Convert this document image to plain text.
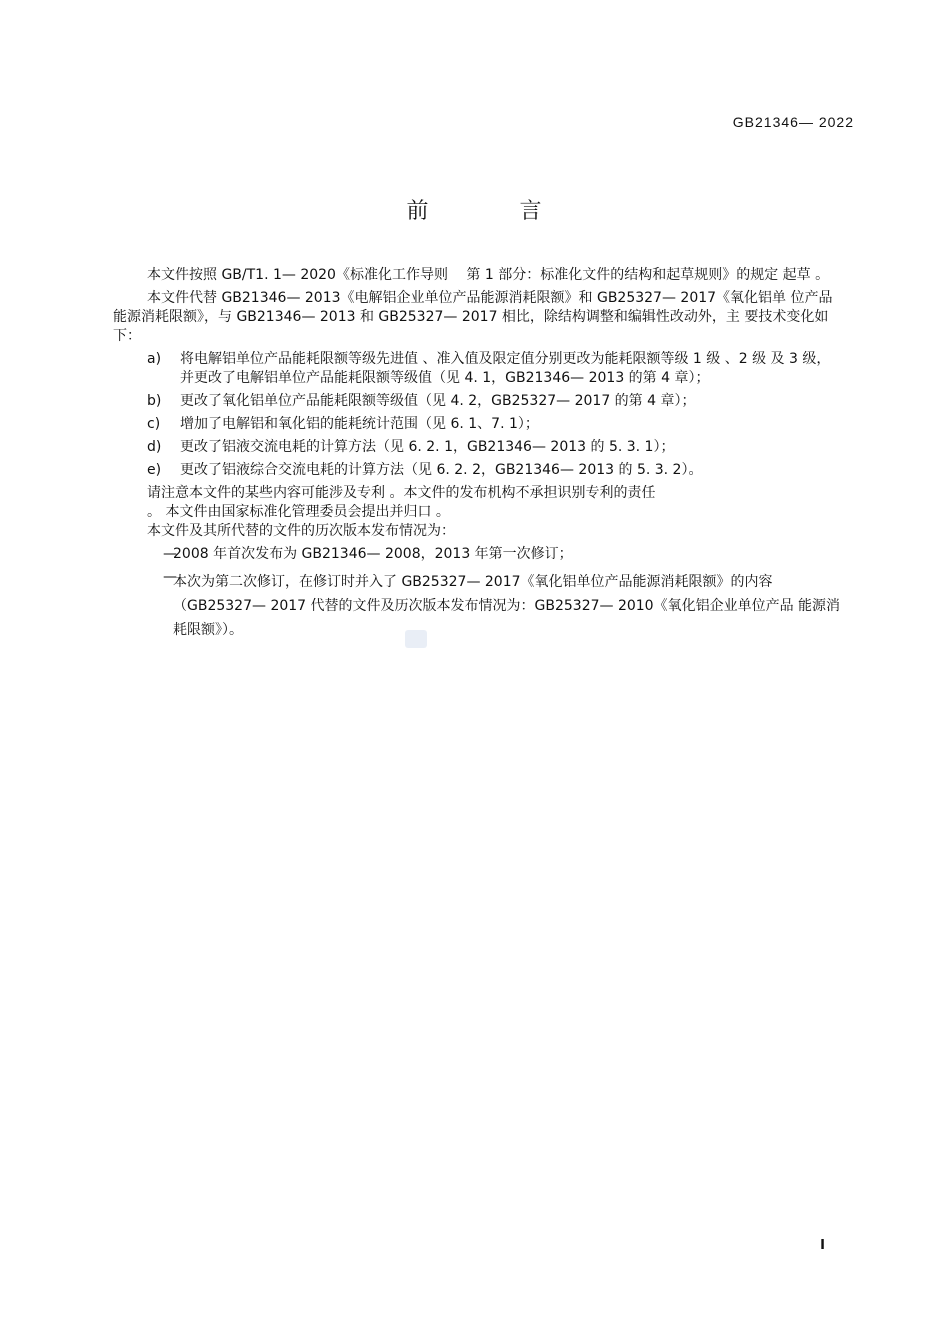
GB21346— 2022
前 言

本文件按照 GB/T1. 1— 2020《标准化工作导则　 第 1 部分：标准化文件的结构和起草规则》的规定 起草 。

本文件代替 GB21346— 2013《电解铝企业单位产品能源消耗限额》和 GB25327— 2017《氧化铝单 位产品能源消耗限额》，与 GB21346— 2013 和 GB25327— 2017 相比，除结构调整和编辑性改动外，主 要技术变化如下：

a) 将电解铝单位产品能耗限额等级先进值 、准入值及限定值分别更改为能耗限额等级 1 级 、2 级 及 3 级，并更改了电解铝单位产品能耗限额等级值（见 4. 1，GB21346— 2013 的第 4 章）；
b) 更改了氧化铝单位产品能耗限额等级值（见 4. 2，GB25327— 2017 的第 4 章）；
c) 增加了电解铝和氧化铝的能耗统计范围（见 6. 1、7. 1）；
d) 更改了铝液交流电耗的计算方法（见 6. 2. 1，GB21346— 2013 的 5. 3. 1）；
e) 更改了铝液综合交流电耗的计算方法（见 6. 2. 2，GB21346— 2013 的 5. 3. 2）。

请注意本文件的某些内容可能涉及专利 。本文件的发布机构不承担识别专利的责任

。 本文件由国家标准化管理委员会提出并归口 。

本文件及其所代替的文件的历次版本发布情况为：

—
2008 年首次发布为 GB21346— 2008，2013 年第一次修订；
—
本次为第二次修订，在修订时并入了 GB25327— 2017《氧化铝单位产品能源消耗限额》的内容 （GB25327— 2017 代替的文件及历次版本发布情况为：GB25327— 2010《氧化铝企业单位产品 能源消耗限额》）。
I
